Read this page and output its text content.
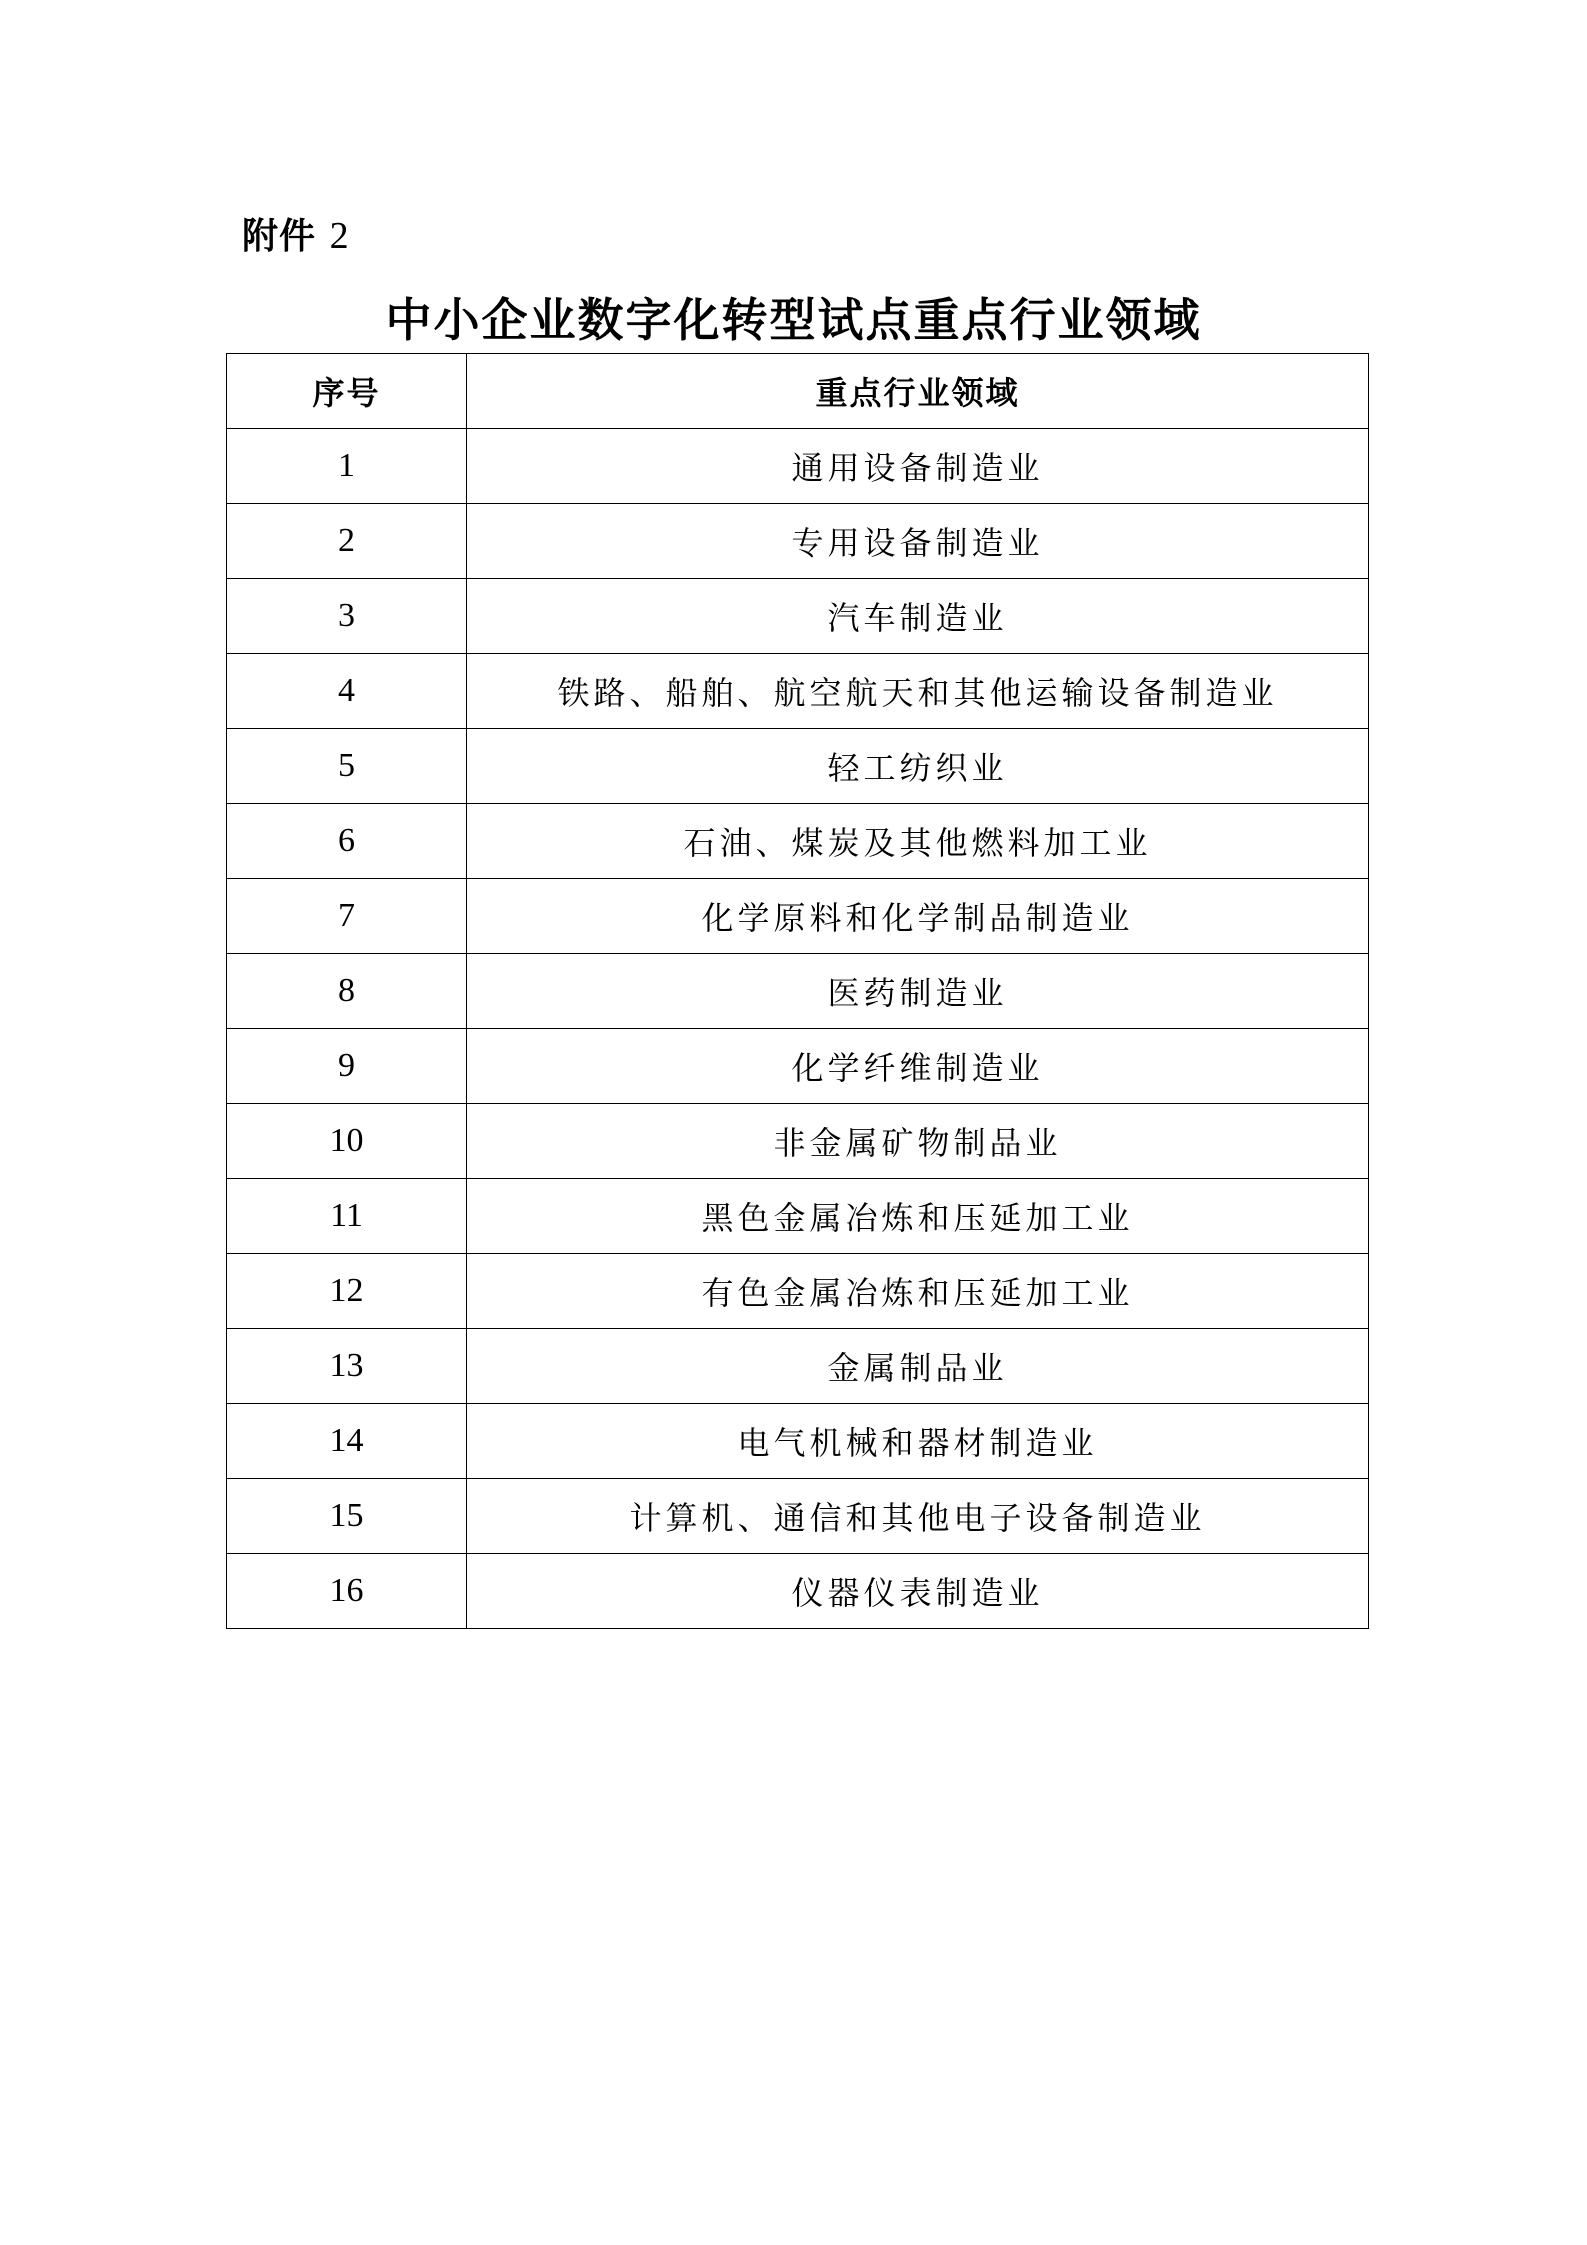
附件 2
中小企业数字化转型试点重点行业领域
序号	重点行业领域
1	通用设备制造业
2	专用设备制造业
3	汽车制造业
4	铁路、船舶、航空航天和其他运输设备制造业
5	轻工纺织业
6	石油、煤炭及其他燃料加工业
7	化学原料和化学制品制造业
8	医药制造业
9	化学纤维制造业
10	非金属矿物制品业
11	黑色金属冶炼和压延加工业
12	有色金属冶炼和压延加工业
13	金属制品业
14	电气机械和器材制造业
15	计算机、通信和其他电子设备制造业
16	仪器仪表制造业
